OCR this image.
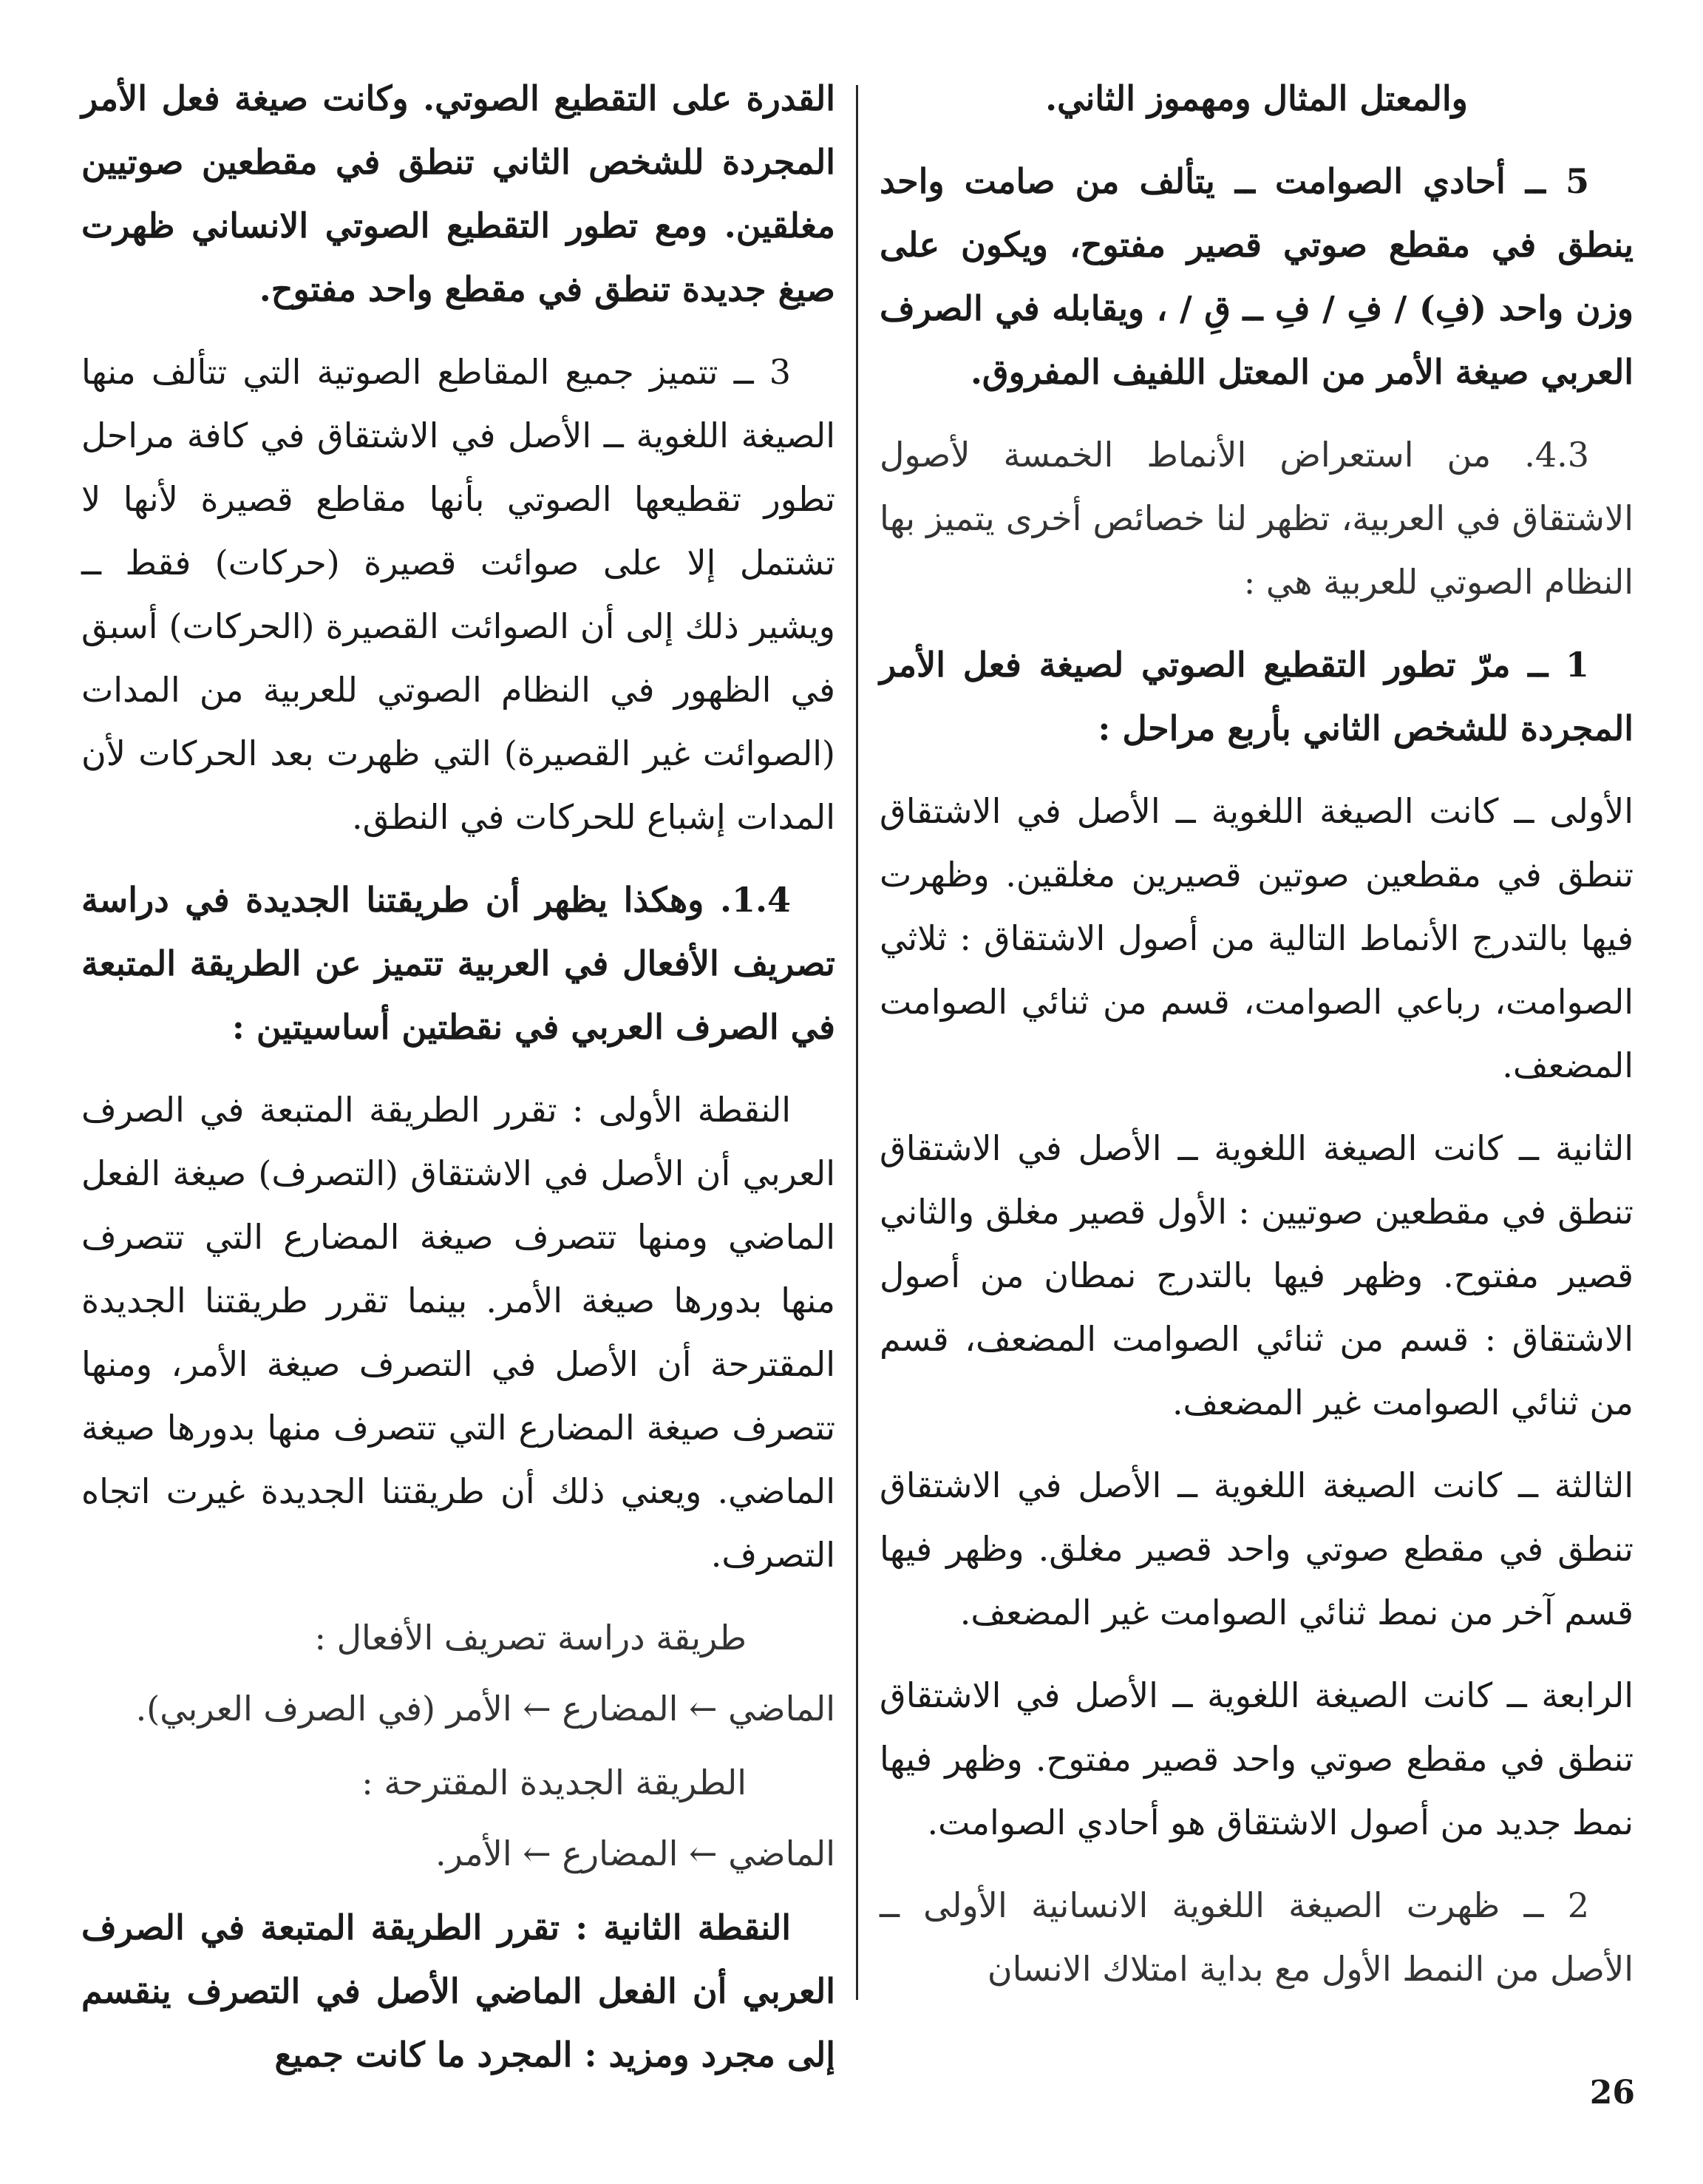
والمعتل المثال ومهموز الثاني.

5 ــ أحادي الصوامت ــ يتألف من صامت واحد ينطق في مقطع صوتي قصير مفتوح، ويكون على وزن واحد (فِ) / فِ / فِ ــ قِ / ، ويقابله في الصرف العربي صيغة الأمر من المعتل اللفيف المفروق.

4.3. من استعراض الأنماط الخمسة لأصول الاشتقاق في العربية، تظهر لنا خصائص أخرى يتميز بها النظام الصوتي للعربية هي :

1 ــ مرّ تطور التقطيع الصوتي لصيغة فعل الأمر المجردة للشخص الثاني بأربع مراحل :

الأولى ــ كانت الصيغة اللغوية ــ الأصل في الاشتقاق تنطق في مقطعين صوتين قصيرين مغلقين. وظهرت فيها بالتدرج الأنماط التالية من أصول الاشتقاق : ثلاثي الصوامت، رباعي الصوامت، قسم من ثنائي الصوامت المضعف.

الثانية ــ كانت الصيغة اللغوية ــ الأصل في الاشتقاق تنطق في مقطعين صوتيين : الأول قصير مغلق والثاني قصير مفتوح. وظهر فيها بالتدرج نمطان من أصول الاشتقاق : قسم من ثنائي الصوامت المضعف، قسم من ثنائي الصوامت غير المضعف.

الثالثة ــ كانت الصيغة اللغوية ــ الأصل في الاشتقاق تنطق في مقطع صوتي واحد قصير مغلق. وظهر فيها قسم آخر من نمط ثنائي الصوامت غير المضعف.

الرابعة ــ كانت الصيغة اللغوية ــ الأصل في الاشتقاق تنطق في مقطع صوتي واحد قصير مفتوح. وظهر فيها نمط جديد من أصول الاشتقاق هو أحادي الصوامت.

2 ــ ظهرت الصيغة اللغوية الانسانية الأولى ــ الأصل من النمط الأول مع بداية امتلاك الانسان

القدرة على التقطيع الصوتي. وكانت صيغة فعل الأمر المجردة للشخص الثاني تنطق في مقطعين صوتيين مغلقين. ومع تطور التقطيع الصوتي الانساني ظهرت صيغ جديدة تنطق في مقطع واحد مفتوح.

3 ــ تتميز جميع المقاطع الصوتية التي تتألف منها الصيغة اللغوية ــ الأصل في الاشتقاق في كافة مراحل تطور تقطيعها الصوتي بأنها مقاطع قصيرة لأنها لا تشتمل إلا على صوائت قصيرة (حركات) فقط ــ ويشير ذلك إلى أن الصوائت القصيرة (الحركات) أسبق في الظهور في النظام الصوتي للعربية من المدات (الصوائت غير القصيرة) التي ظهرت بعد الحركات لأن المدات إشباع للحركات في النطق.

1.4. وهكذا يظهر أن طريقتنا الجديدة في دراسة تصريف الأفعال في العربية تتميز عن الطريقة المتبعة في الصرف العربي في نقطتين أساسيتين :

النقطة الأولى : تقرر الطريقة المتبعة في الصرف العربي أن الأصل في الاشتقاق (التصرف) صيغة الفعل الماضي ومنها تتصرف صيغة المضارع التي تتصرف منها بدورها صيغة الأمر. بينما تقرر طريقتنا الجديدة المقترحة أن الأصل في التصرف صيغة الأمر، ومنها تتصرف صيغة المضارع التي تتصرف منها بدورها صيغة الماضي. ويعني ذلك أن طريقتنا الجديدة غيرت اتجاه التصرف.

طريقة دراسة تصريف الأفعال :

الماضي ← المضارع ← الأمر (في الصرف العربي).

الطريقة الجديدة المقترحة :

الماضي ← المضارع ← الأمر.

النقطة الثانية : تقرر الطريقة المتبعة في الصرف العربي أن الفعل الماضي الأصل في التصرف ينقسم إلى مجرد ومزيد : المجرد ما كانت جميع

26
